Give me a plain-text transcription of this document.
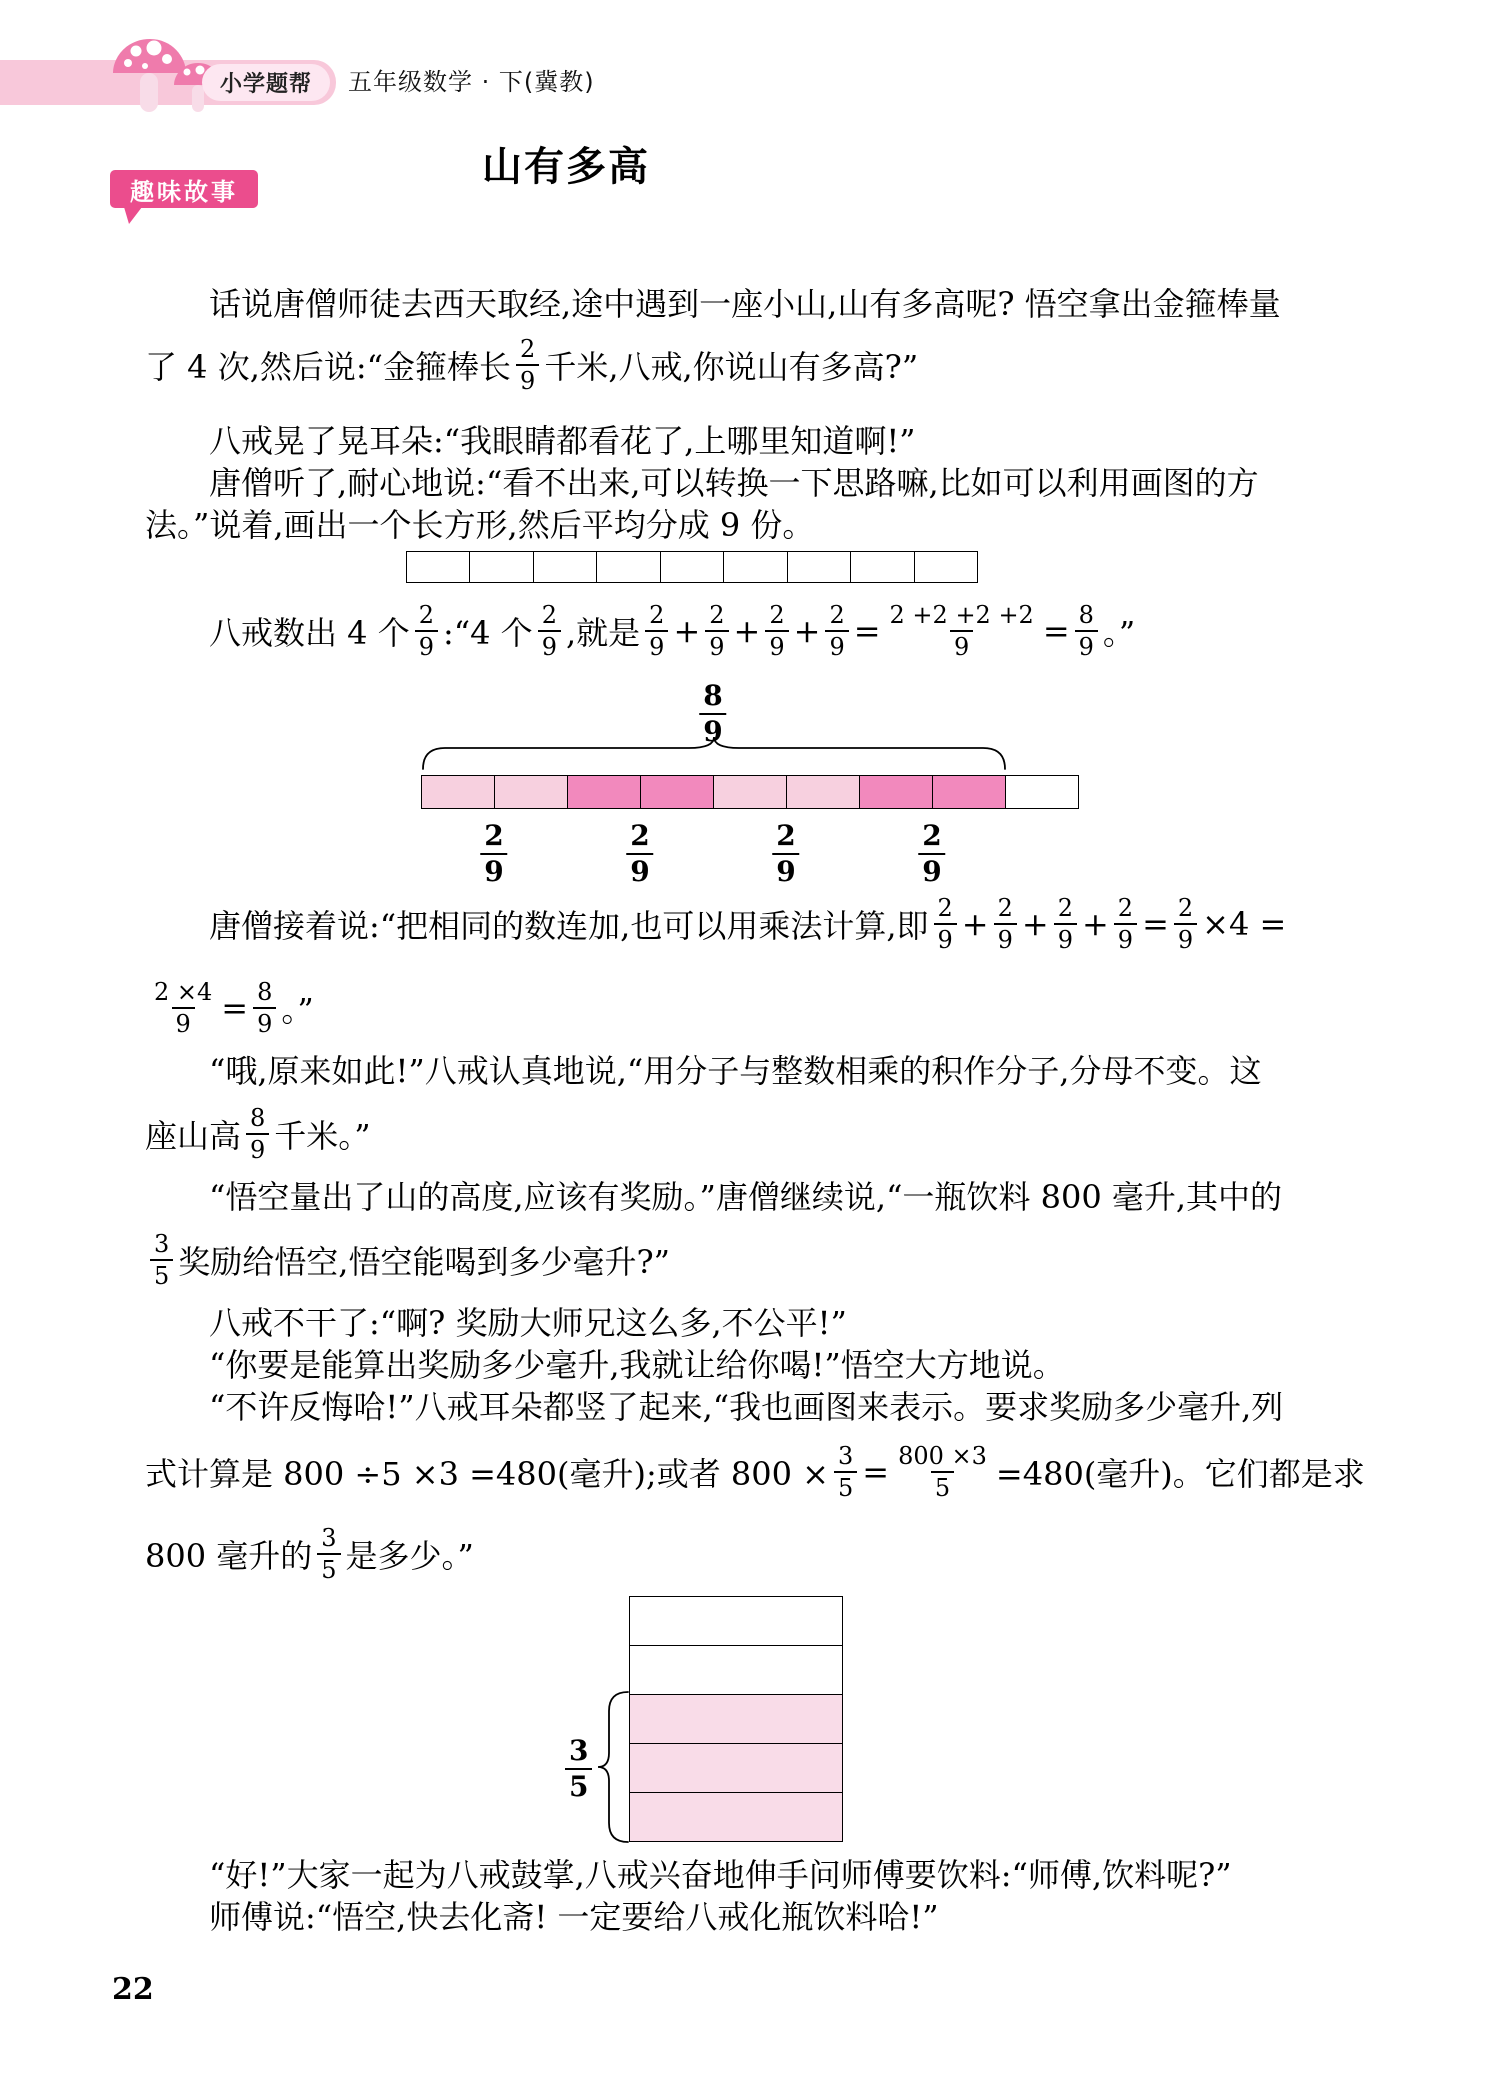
小学题帮 五年级数学 · 下(冀教)
山有多高
趣味故事

话说唐僧师徒去西天取经,途中遇到一座小山,山有多高呢? 悟空拿出金箍棒量

了 4 次,然后说:“金箍棒长 $\frac{2}{9}$ 千米,八戒,你说山有多高?”

八戒晃了晃耳朵:“我眼睛都看花了,上哪里知道啊!”

唐僧听了,耐心地说:“看不出来,可以转换一下思路嘛,比如可以利用画图的方

法。”说着,画出一个长方形,然后平均分成 9 份。

八戒数出 4 个 $\frac{2}{9}$ :“4 个 $\frac{2}{9}$ ,就是 $\frac{2}{9} + \frac{2}{9} + \frac{2}{9} + \frac{2}{9} = \frac{2 +2 +2 +2}{9} = \frac{8}{9}$ 。”

$\frac{8}{9}$
$\frac{2}{9}$	$\frac{2}{9}$	$\frac{2}{9}$	$\frac{2}{9}$

唐僧接着说:“把相同的数连加,也可以用乘法计算,即 $\frac{2}{9} + \frac{2}{9} + \frac{2}{9} + \frac{2}{9} = \frac{2}{9} \times 4$ =

$\frac{2 \times 4}{9} = \frac{8}{9}$ 。”

“哦,原来如此!”八戒认真地说,“用分子与整数相乘的积作分子,分母不变。这

座山高 $\frac{8}{9}$ 千米。”

“悟空量出了山的高度,应该有奖励。”唐僧继续说,“一瓶饮料 800 毫升,其中的

$\frac{3}{5}$ 奖励给悟空,悟空能喝到多少毫升?”

八戒不干了:“啊? 奖励大师兄这么多,不公平!”

“你要是能算出奖励多少毫升,我就让给你喝!”悟空大方地说。

“不许反悔哈!”八戒耳朵都竖了起来,“我也画图来表示。要求奖励多少毫升,列

式计算是 800 ÷5 ×3 =480(毫升);或者 $800 \times \frac{3}{5} = \frac{800 \times 3}{5} =480$(毫升)。它们都是求

800 毫升的 $\frac{3}{5}$ 是多少。”

$\frac{3}{5}$

“好!”大家一起为八戒鼓掌,八戒兴奋地伸手问师傅要饮料:“师傅,饮料呢?”

师傅说:“悟空,快去化斋! 一定要给八戒化瓶饮料哈!”

22
